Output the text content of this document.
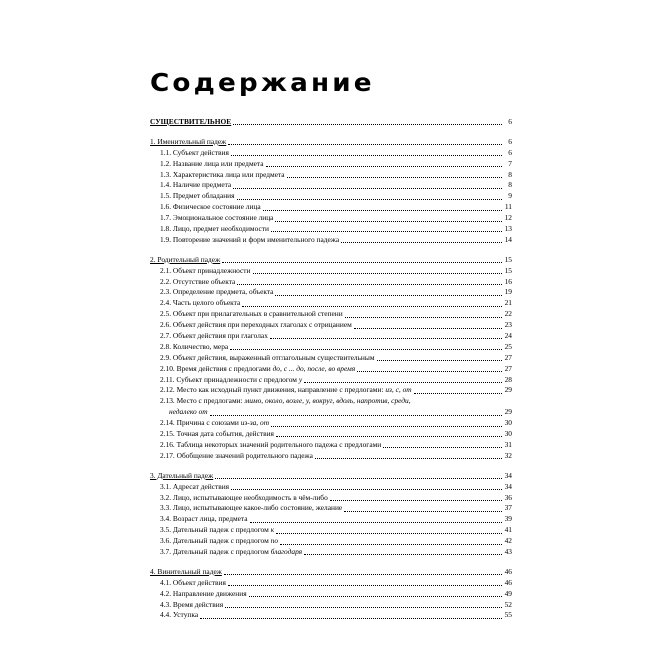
Содержание
СУЩЕСТВИТЕЛЬНОЕ	6
1. Именительный падеж	6
1.1. Субъект действия	6
1.2. Название лица или предмета	7
1.3. Характеристика лица или предмета	8
1.4. Наличие предмета	8
1.5. Предмет обладания	9
1.6. Физическое состояние лица	11
1.7. Эмоциональное состояние лица	12
1.8. Лицо, предмет необходимости	13
1.9. Повторение значений и форм именительного падежа	14
2. Родительный падеж	15
2.1. Объект принадлежности	15
2.2. Отсутствие объекта	16
2.3. Определение предмета, объекта	19
2.4. Часть целого объекта	21
2.5. Объект при прилагательных в сравнительной степени	22
2.6. Объект действия при переходных глаголах с отрицанием	23
2.7. Объект действия при глаголах	24
2.8. Количество, мера	25
2.9. Объект действия, выраженный отглагольным существительным	27
2.10. Время действия с предлогами до, с ... до, после, во время	27
2.11. Субъект принадлежности с предлогом у	28
2.12. Место как исходный пункт движения, направление с предлогами: из, с, от	29
2.13. Место с предлогами: мимо, около, возле, у, вокруг, вдоль, напротив, среди,
недалеко от	29
2.14. Причина с союзами из-за, от	30
2.15. Точная дата события, действия	30
2.16. Таблица некоторых значений родительного падежа с предлогами	31
2.17. Обобщение значений родительного падежа	32
3. Дательный падеж	34
3.1. Адресат действия	34
3.2. Лицо, испытывающее необходимость в чём-либо	36
3.3. Лицо, испытывающее какое-либо состояние, желание	37
3.4. Возраст лица, предмета	39
3.5. Дательный падеж с предлогом к	41
3.6. Дательный падеж с предлогом по	42
3.7. Дательный падеж с предлогом благодаря	43
4. Винительный падеж	46
4.1. Объект действия	46
4.2. Направление движения	49
4.3. Время действия	52
4.4. Уступка	55
